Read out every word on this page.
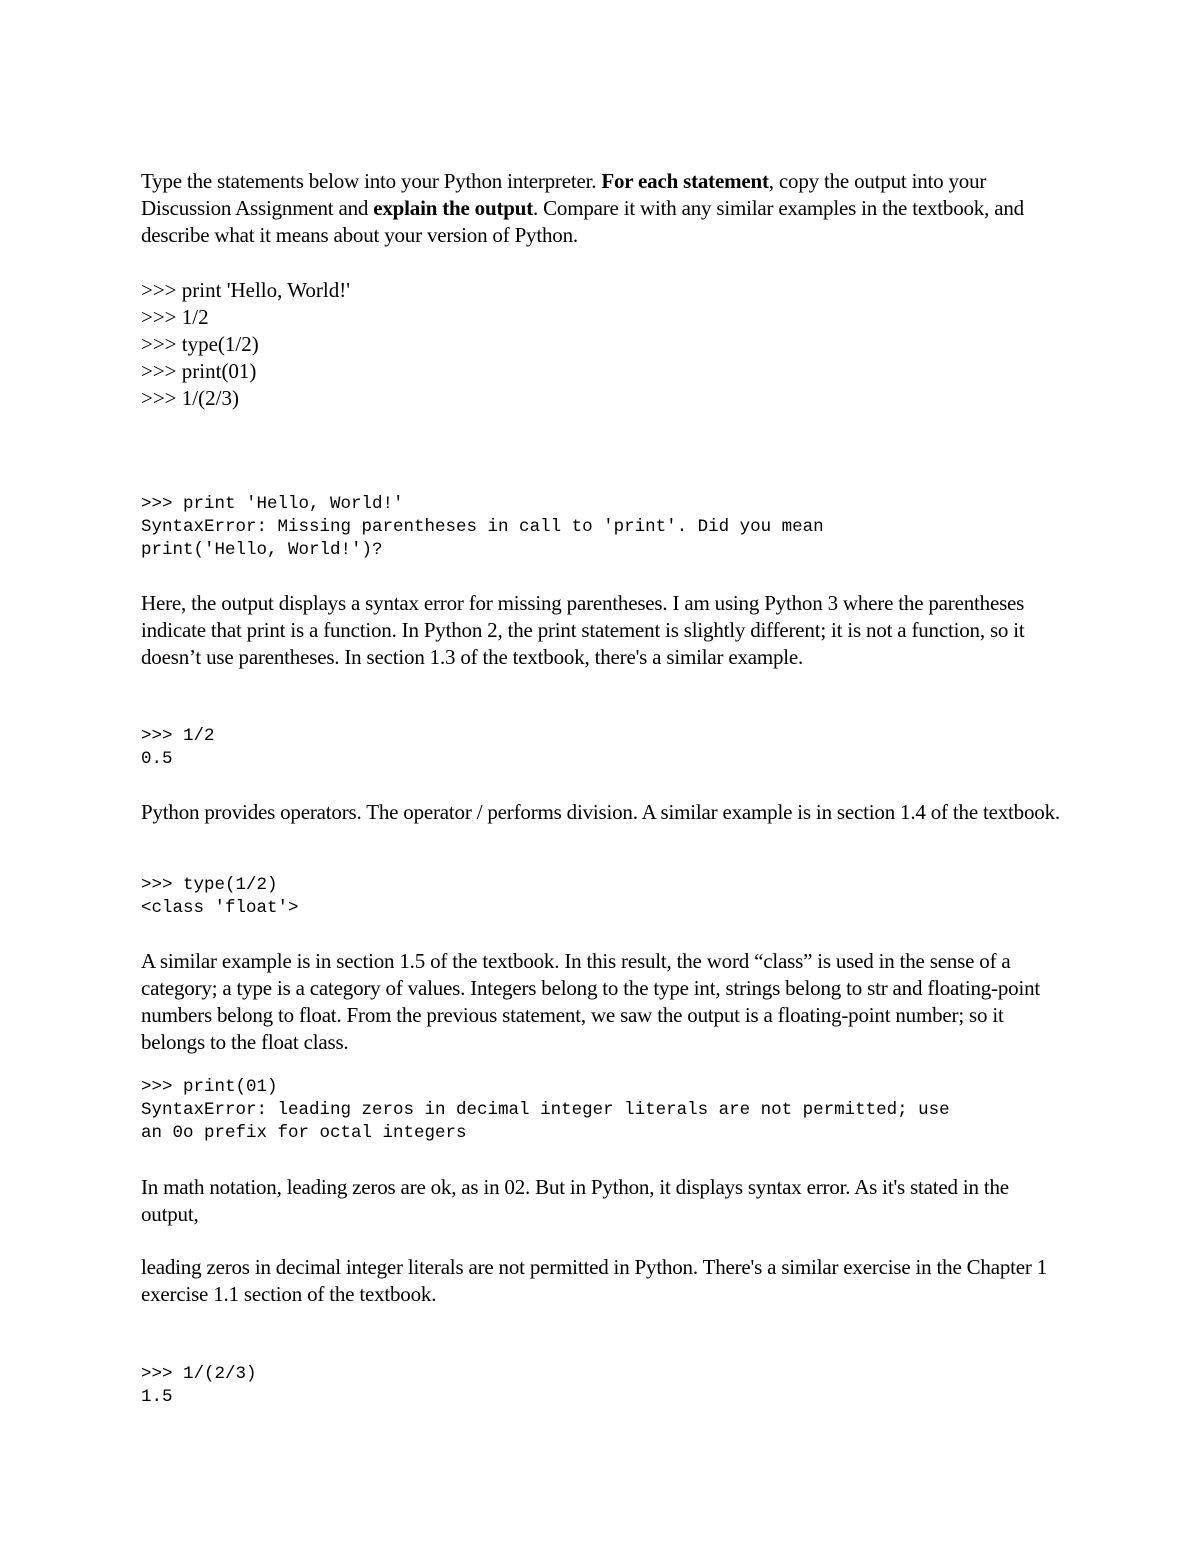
Type the statements below into your Python interpreter. For each statement, copy the output into your Discussion Assignment and explain the output. Compare it with any similar examples in the textbook, and describe what it means about your version of Python.

>>> print 'Hello, World!'
>>> 1/2
>>> type(1/2)
>>> print(01)
>>> 1/(2/3)
>>> print 'Hello, World!'
SyntaxError: Missing parentheses in call to 'print'. Did you mean
print('Hello, World!')?

Here, the output displays a syntax error for missing parentheses. I am using Python 3 where the parentheses indicate that print is a function. In Python 2, the print statement is slightly different; it is not a function, so it doesn’t use parentheses. In section 1.3 of the textbook, there's a similar example.

>>> 1/2
0.5

Python provides operators. The operator / performs division. A similar example is in section 1.4 of the textbook.

>>> type(1/2)
<class 'float'>

A similar example is in section 1.5 of the textbook. In this result, the word “class” is used in the sense of a category; a type is a category of values. Integers belong to the type int, strings belong to str and floating-point numbers belong to float. From the previous statement, we saw the output is a floating-point number; so it belongs to the float class.

>>> print(01)
SyntaxError: leading zeros in decimal integer literals are not permitted; use
an 0o prefix for octal integers

In math notation, leading zeros are ok, as in 02. But in Python, it displays syntax error. As it's stated in the output,

leading zeros in decimal integer literals are not permitted in Python. There's a similar exercise in the Chapter 1 exercise 1.1 section of the textbook.

>>> 1/(2/3)
1.5
